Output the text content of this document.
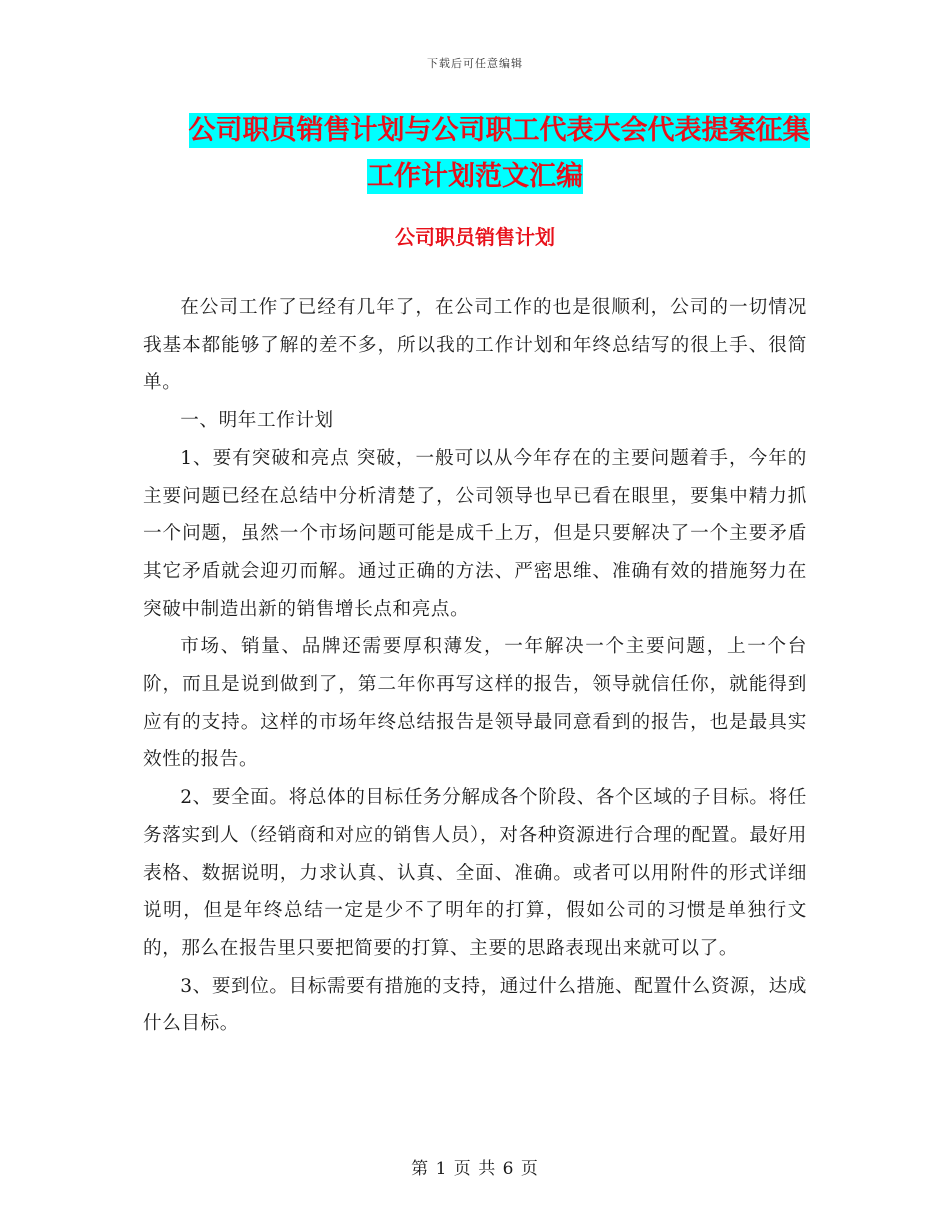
下载后可任意编辑
公司职员销售计划与公司职工代表大会代表提案征集
工作计划范文汇编
公司职员销售计划

在公司工作了已经有几年了，在公司工作的也是很顺利，公司的一切情况我基本都能够了解的差不多，所以我的工作计划和年终总结写的很上手、很简单。

一、明年工作计划

1、要有突破和亮点 突破，一般可以从今年存在的主要问题着手，今年的主要问题已经在总结中分析清楚了，公司领导也早已看在眼里，要集中精力抓一个问题，虽然一个市场问题可能是成千上万，但是只要解决了一个主要矛盾其它矛盾就会迎刃而解。通过正确的方法、严密思维、准确有效的措施努力在突破中制造出新的销售增长点和亮点。

市场、销量、品牌还需要厚积薄发，一年解决一个主要问题，上一个台阶，而且是说到做到了，第二年你再写这样的报告，领导就信任你，就能得到应有的支持。这样的市场年终总结报告是领导最同意看到的报告，也是最具实效性的报告。

2、要全面。将总体的目标任务分解成各个阶段、各个区域的子目标。将任务落实到人（经销商和对应的销售人员），对各种资源进行合理的配置。最好用表格、数据说明，力求认真、认真、全面、准确。或者可以用附件的形式详细说明，但是年终总结一定是少不了明年的打算，假如公司的习惯是单独行文的，那么在报告里只要把简要的打算、主要的思路表现出来就可以了。

3、要到位。目标需要有措施的支持，通过什么措施、配置什么资源，达成什么目标。

第 1 页 共 6 页
